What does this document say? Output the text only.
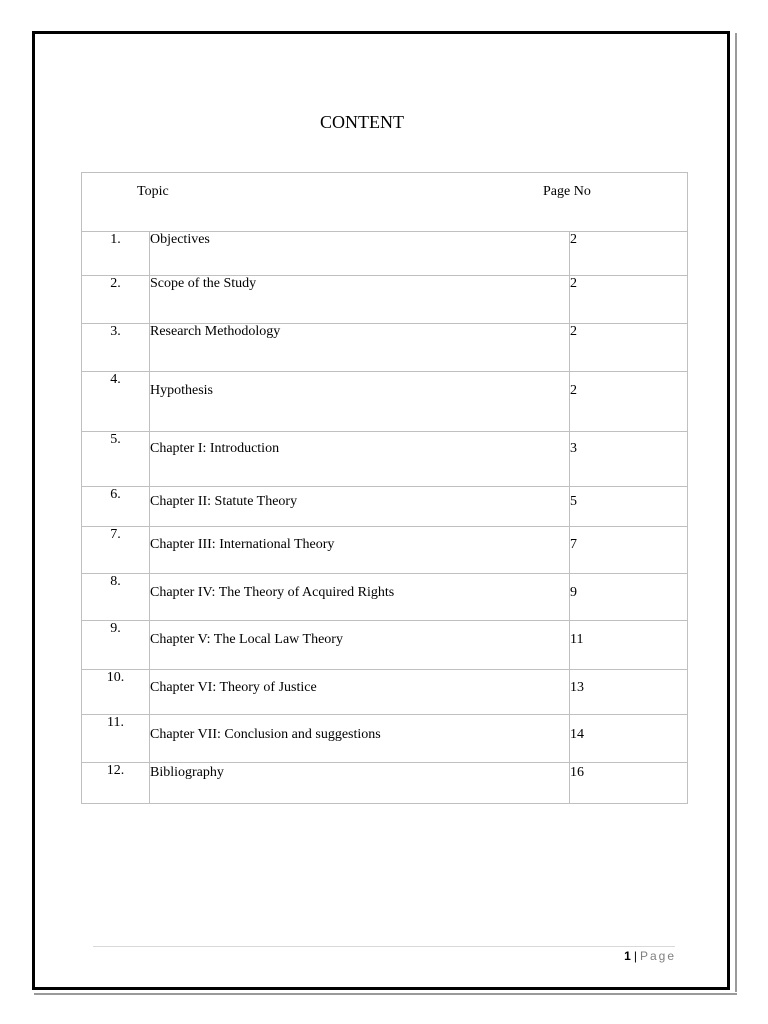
CONTENT
Topic Page No		

1.	Objectives	2
2.	Scope of the Study	2
3.	Research Methodology	2
4.	Hypothesis	2
5.	Chapter I: Introduction	3
6.	Chapter II: Statute Theory	5
7.	Chapter III: International Theory	7
8.	Chapter IV: The Theory of Acquired Rights	9
9.	Chapter V: The Local Law Theory	11
10.	Chapter VI: Theory of Justice	13
11.	Chapter VII: Conclusion and suggestions	14
12.	Bibliography	16
1 | Page
